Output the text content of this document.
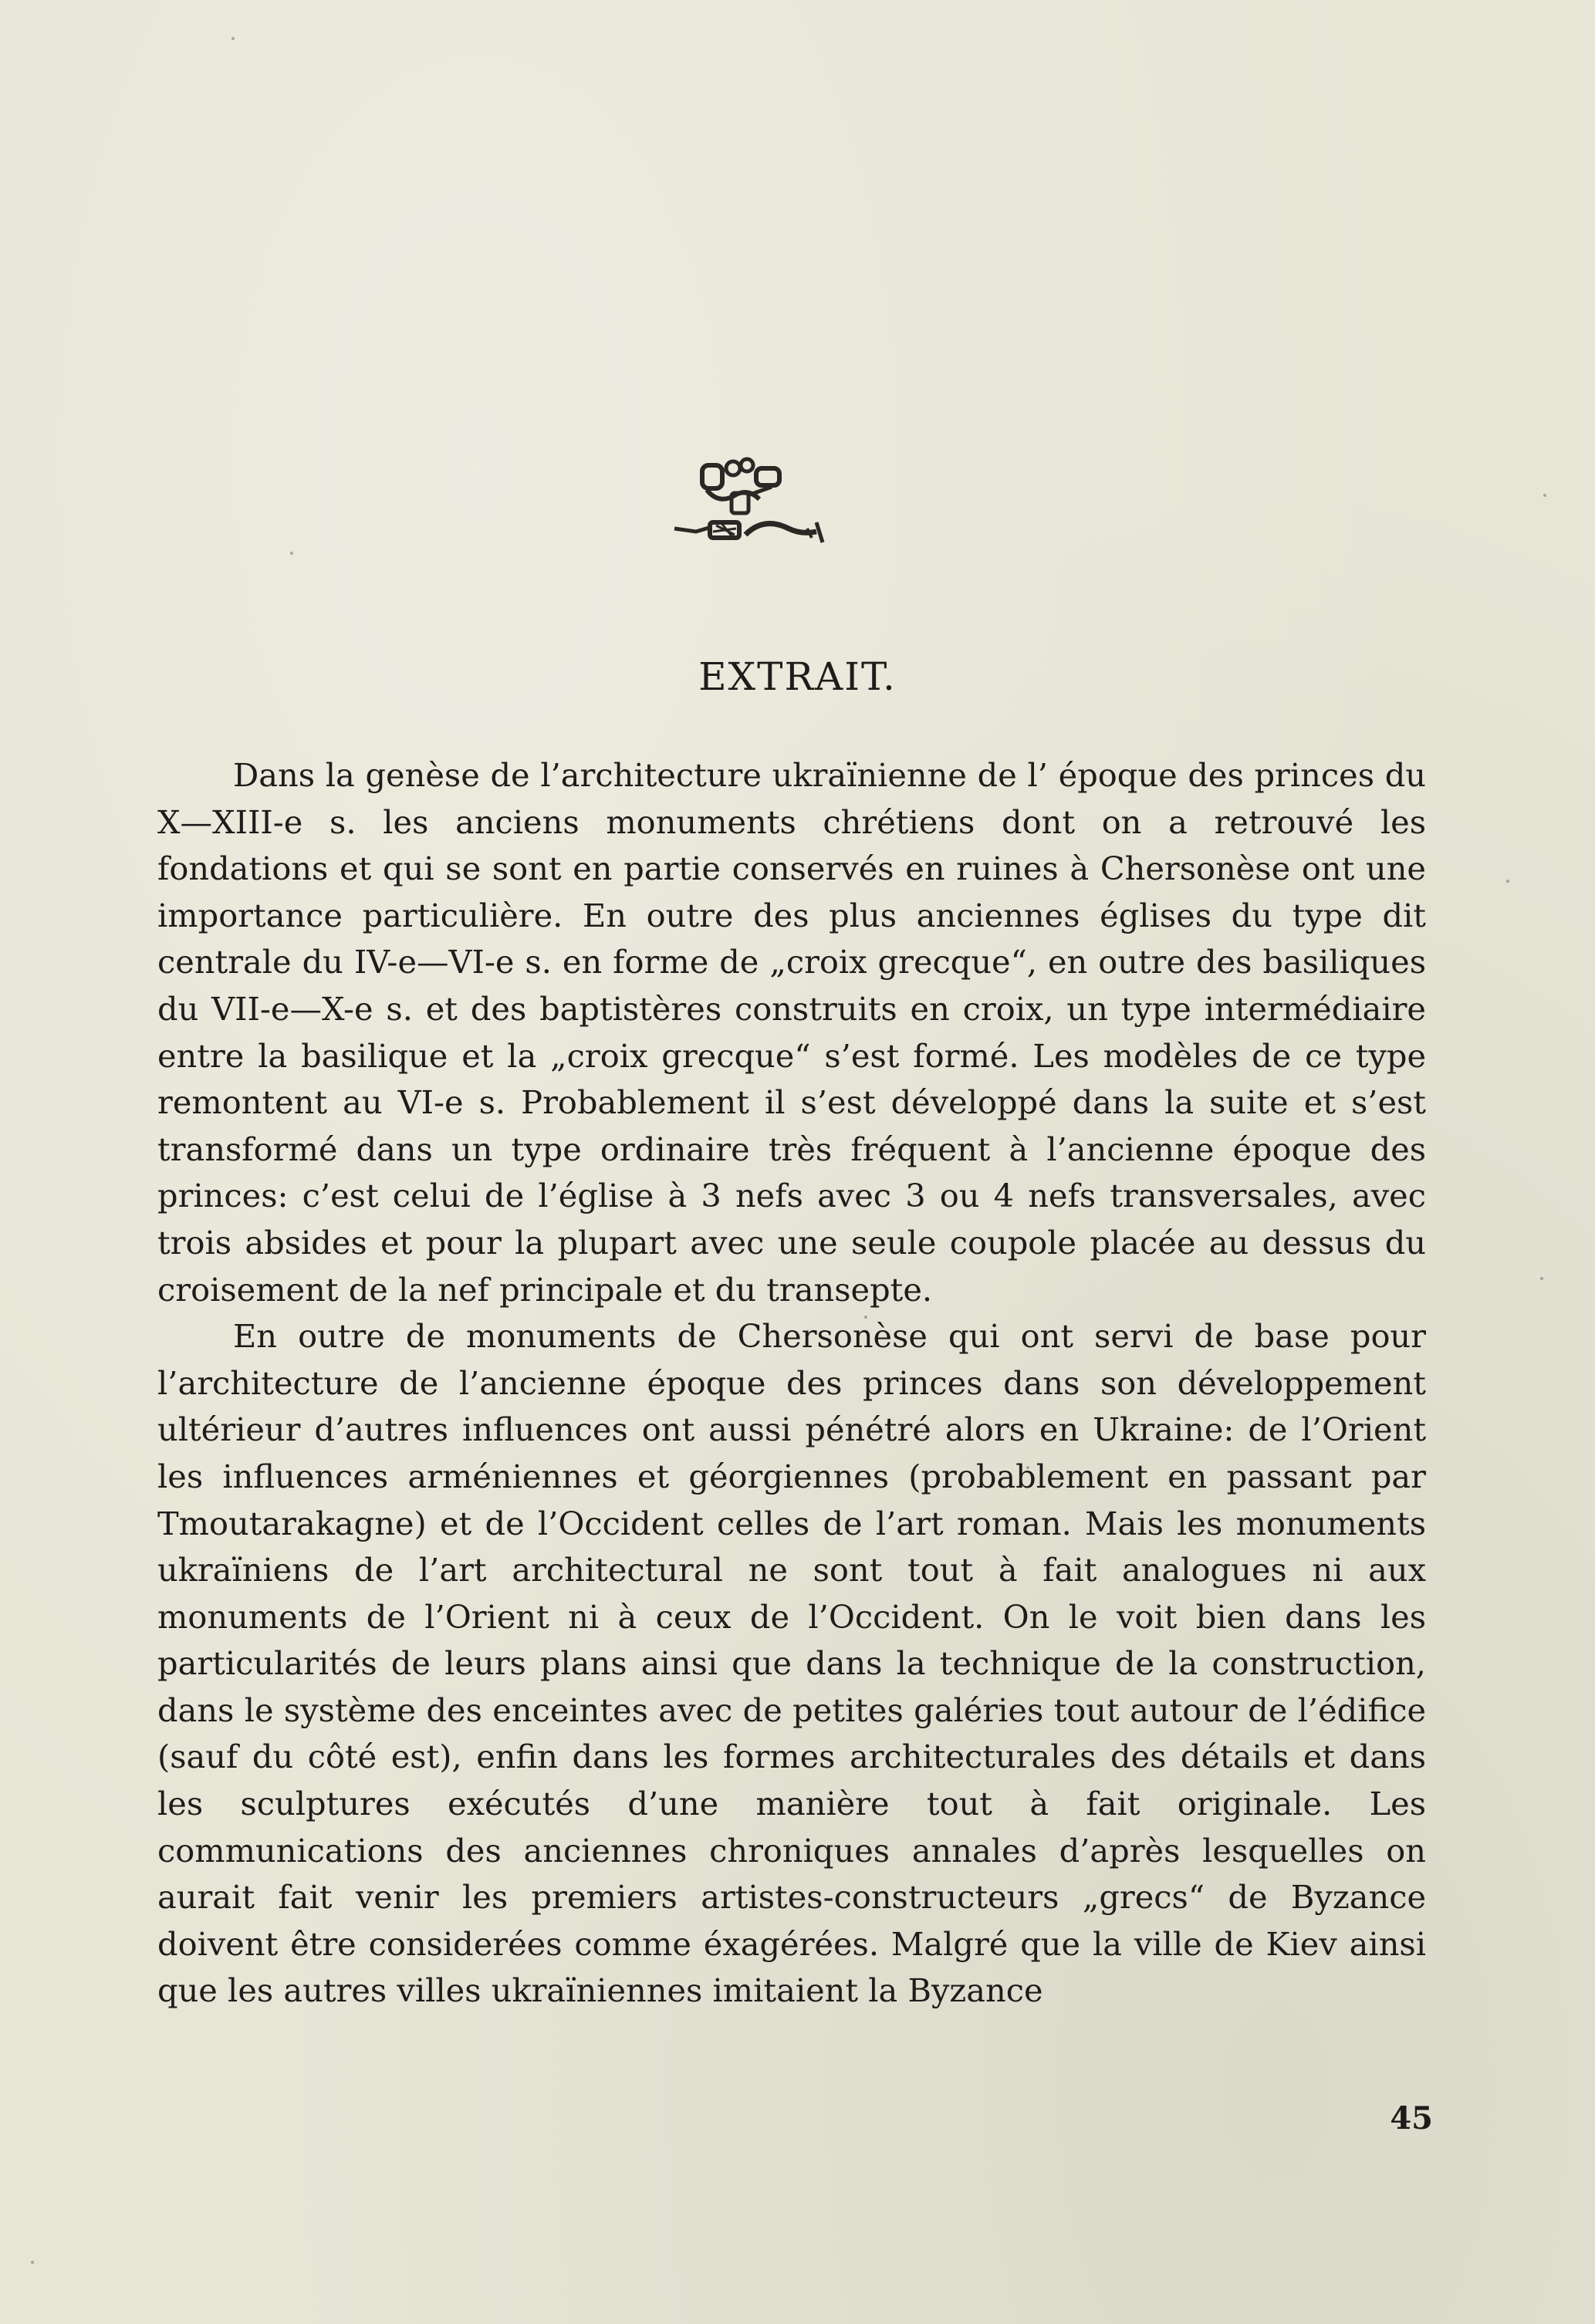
EXTRAIT.

Dans la genèse de l’architecture ukraïnienne de l’ époque des princes du X—XIII-e s. les anciens monuments chrétiens dont on a retrouvé les fondations et qui se sont en partie conservés en ruines à Chersonèse ont une importance particulière. En outre des plus anciennes églises du type dit centrale du IV-e—VI-e s. en forme de „croix grecque“, en outre des basiliques du VII-e—X-e s. et des baptistères construits en croix, un type intermédiaire entre la basilique et la „croix grecque“ s’est formé. Les modèles de ce type remontent au VI-e s. Probablement il s’est développé dans la suite et s’est transformé dans un type ordinaire très fréquent à l’ancienne époque des princes: c’est celui de l’église à 3 nefs avec 3 ou 4 nefs transversales, avec trois absides et pour la plupart avec une seule coupole placée au dessus du croisement de la nef principale et du transepte.

En outre de monuments de Chersonèse qui ont servi de base pour l’architecture de l’ancienne époque des princes dans son développement ultérieur d’autres influences ont aussi pénétré alors en Ukraine: de l’Orient les influences arméniennes et géorgiennes (probablement en passant par Tmoutarakagne) et de l’Occident celles de l’art roman. Mais les monuments ukraïniens de l’art architectural ne sont tout à fait analogues ni aux monuments de l’Orient ni à ceux de l’Occident. On le voit bien dans les particularités de leurs plans ainsi que dans la technique de la construction, dans le système des enceintes avec de petites galéries tout autour de l’édifice (sauf du côté est), enfin dans les formes architecturales des détails et dans les sculptures exécutés d’une manière tout à fait originale. Les communications des anciennes chroniques annales d’après lesquelles on aurait fait venir les premiers artistes-constructeurs „grecs“ de Byzance doivent être considerées comme éxagérées. Malgré que la ville de Kiev ainsi que les autres villes ukraïniennes imitaient la Byzance

45
